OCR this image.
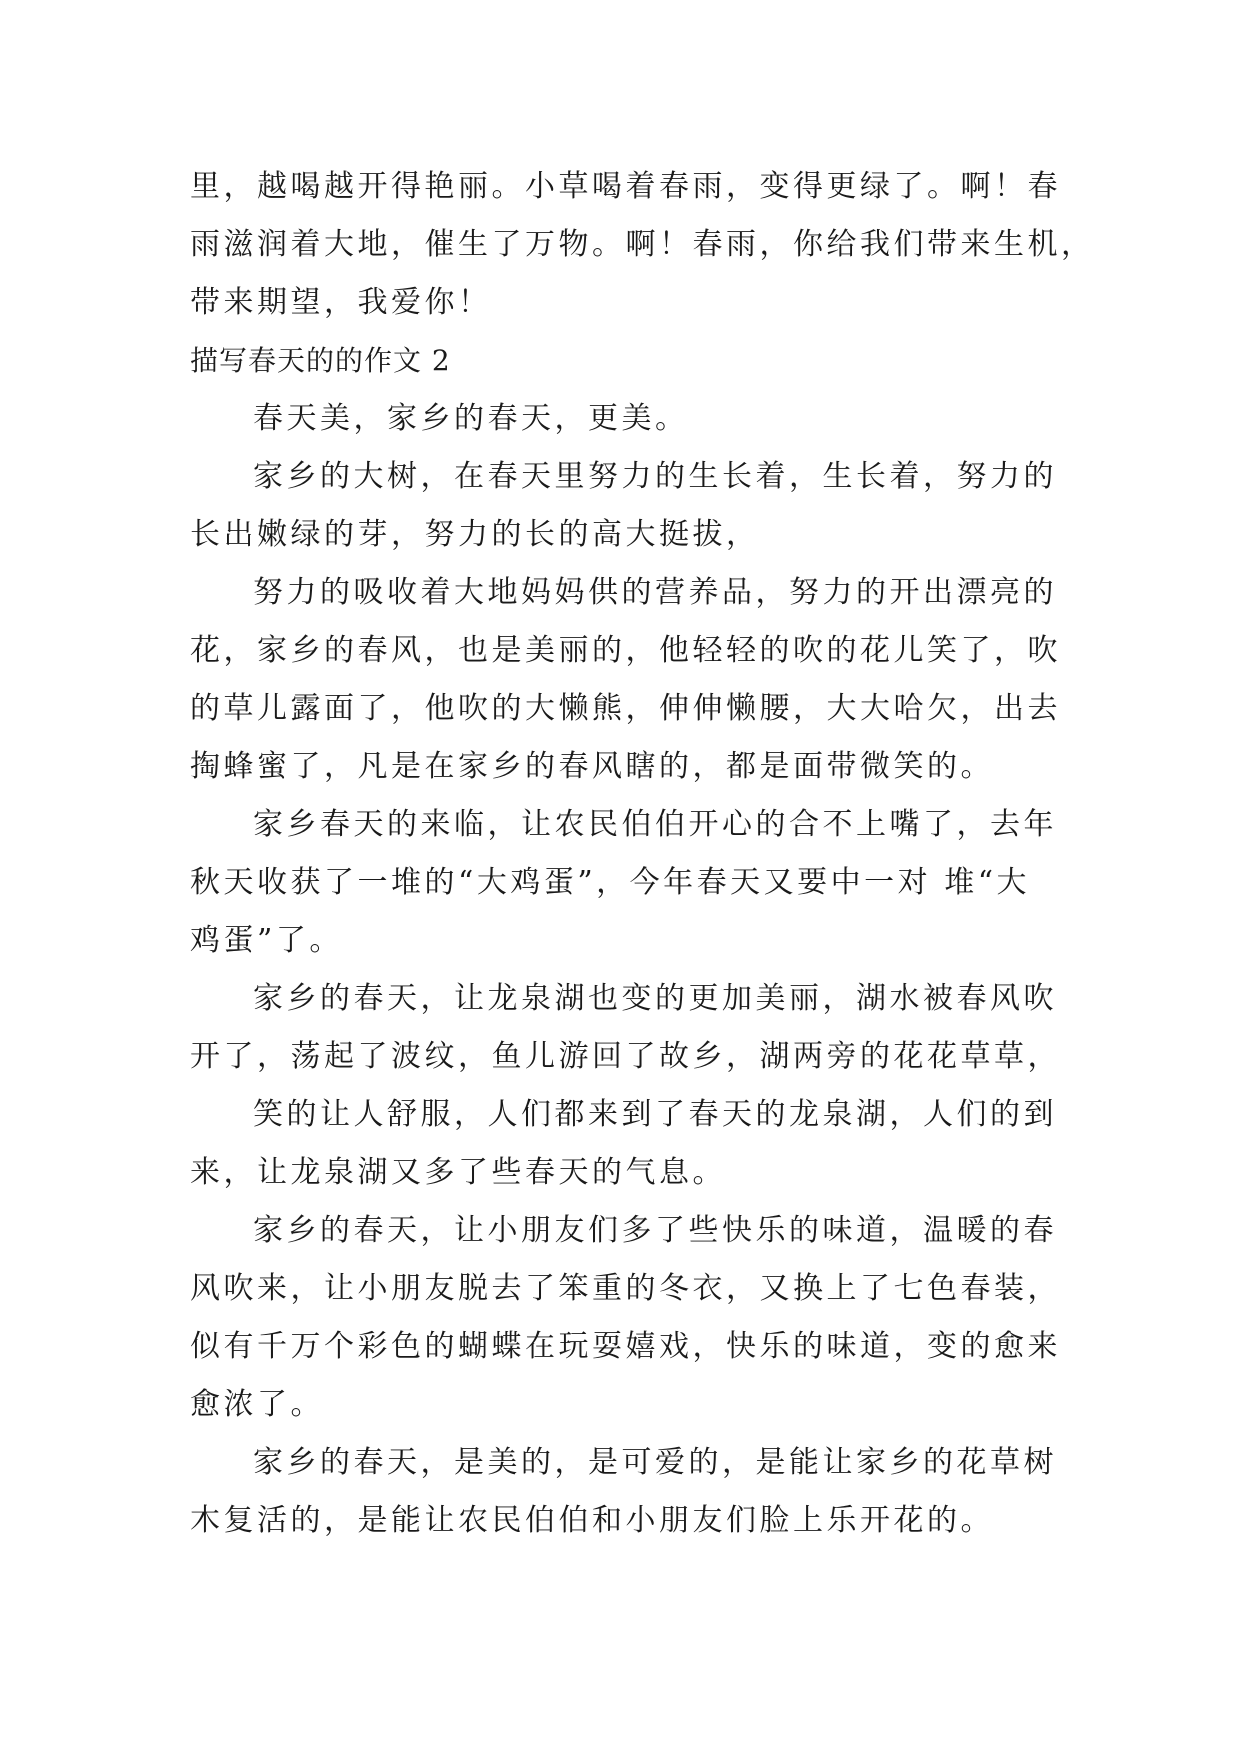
里，越喝越开得艳丽。小草喝着春雨，变得更绿了。啊！春
雨滋润着大地，催生了万物。啊！春雨，你给我们带来生机，
带来期望，我爱你！
描写春天的的作文 2
春天美，家乡的春天，更美。
家乡的大树，在春天里努力的生长着，生长着，努力的
长出嫩绿的芽，努力的长的高大挺拔，
努力的吸收着大地妈妈供的营养品，努力的开出漂亮的
花，家乡的春风，也是美丽的，他轻轻的吹的花儿笑了，吹
的草儿露面了，他吹的大懒熊，伸伸懒腰，大大哈欠，出去
掏蜂蜜了，凡是在家乡的春风瞎的，都是面带微笑的。
家乡春天的来临，让农民伯伯开心的合不上嘴了，去年
秋天收获了一堆的“大鸡蛋”，今年春天又要中一对 堆“大
鸡蛋”了。
家乡的春天，让龙泉湖也变的更加美丽，湖水被春风吹
开了，荡起了波纹，鱼儿游回了故乡，湖两旁的花花草草，
笑的让人舒服，人们都来到了春天的龙泉湖，人们的到
来，让龙泉湖又多了些春天的气息。
家乡的春天，让小朋友们多了些快乐的味道，温暖的春
风吹来，让小朋友脱去了笨重的冬衣，又换上了七色春装，
似有千万个彩色的蝴蝶在玩耍嬉戏，快乐的味道，变的愈来
愈浓了。
家乡的春天，是美的，是可爱的，是能让家乡的花草树
木复活的，是能让农民伯伯和小朋友们脸上乐开花的。
